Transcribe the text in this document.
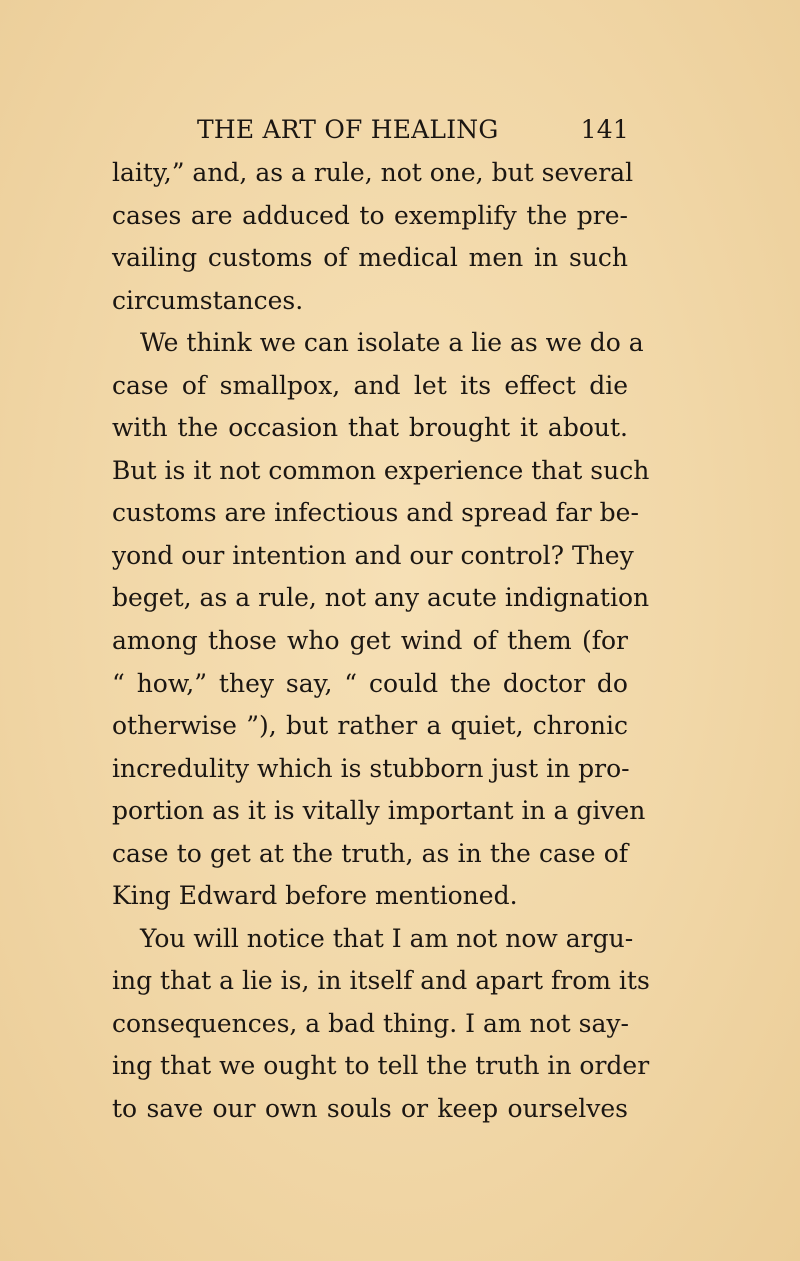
THE ART OF HEALING	141
laity,” and, as a rule, not one, but several
cases are adduced to exemplify the pre-
vailing customs of medical men in such
circumstances.
We think we can isolate a lie as we do a
case of smallpox, and let its effect die
with the occasion that brought it about.
But is it not common experience that such
customs are infectious and spread far be-
yond our intention and our control? They
beget, as a rule, not any acute indignation
among those who get wind of them (for
“ how,” they say, “ could the doctor do
otherwise ”), but rather a quiet, chronic
incredulity which is stubborn just in pro-
portion as it is vitally important in a given
case to get at the truth, as in the case of
King Edward before mentioned.
You will notice that I am not now argu-
ing that a lie is, in itself and apart from its
consequences, a bad thing. I am not say-
ing that we ought to tell the truth in order
to save our own souls or keep ourselves
